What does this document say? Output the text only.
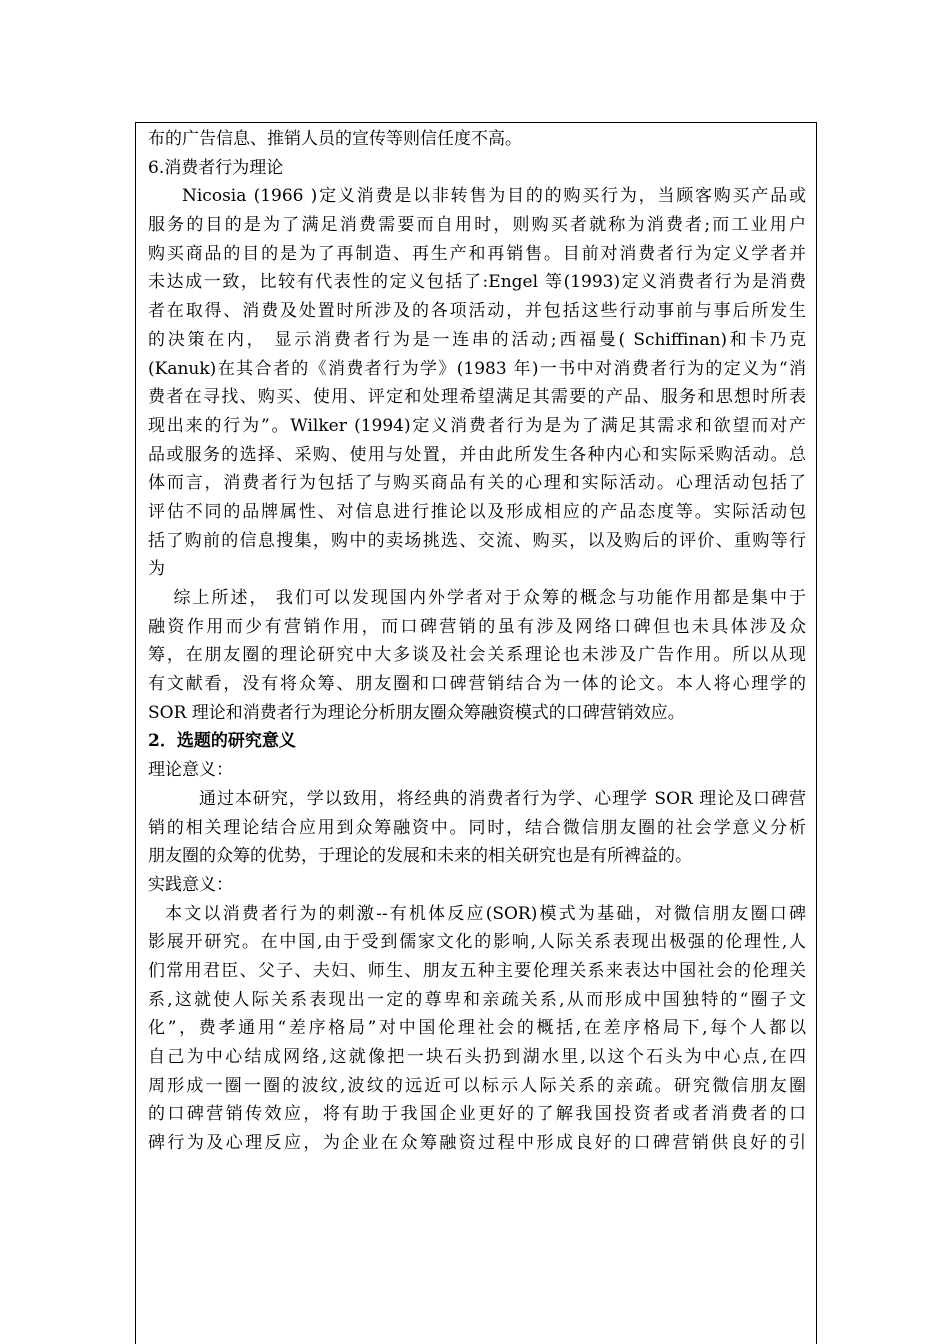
布的广告信息、推销人员的宣传等则信任度不高。
6.消费者行为理论
Nicosia (1966 )定义消费是以非转售为目的的购买行为，当顾客购买产品或
服务的目的是为了满足消费需要而自用时，则购买者就称为消费者;而工业用户
购买商品的目的是为了再制造、再生产和再销售。目前对消费者行为定义学者并
未达成一致，比较有代表性的定义包括了:Engel 等(1993)定义消费者行为是消费
者在取得、消费及处置时所涉及的各项活动，并包括这些行动事前与事后所发生
的决策在内， 显示消费者行为是一连串的活动;西福曼( Schiffinan)和卡乃克
(Kanuk)在其合者的《消费者行为学》(1983 年)一书中对消费者行为的定义为“消
费者在寻找、购买、使用、评定和处理希望满足其需要的产品、服务和思想时所表
现出来的行为”。Wilker (1994)定义消费者行为是为了满足其需求和欲望而对产
品或服务的选择、采购、使用与处置，并由此所发生各种内心和实际采购活动。总
体而言，消费者行为包括了与购买商品有关的心理和实际活动。心理活动包括了
评估不同的品牌属性、对信息进行推论以及形成相应的产品态度等。实际活动包
括了购前的信息搜集，购中的卖场挑选、交流、购买，以及购后的评价、重购等行
为
综上所述， 我们可以发现国内外学者对于众筹的概念与功能作用都是集中于
融资作用而少有营销作用，而口碑营销的虽有涉及网络口碑但也未具体涉及众
筹，在朋友圈的理论研究中大多谈及社会关系理论也未涉及广告作用。所以从现
有文献看，没有将众筹、朋友圈和口碑营销结合为一体的论文。本人将心理学的
SOR 理论和消费者行为理论分析朋友圈众筹融资模式的口碑营销效应。
2．选题的研究意义
理论意义：
通过本研究，学以致用，将经典的消费者行为学、心理学 SOR 理论及口碑营
销的相关理论结合应用到众筹融资中。同时，结合微信朋友圈的社会学意义分析
朋友圈的众筹的优势，于理论的发展和未来的相关研究也是有所裨益的。
实践意义：
本文以消费者行为的刺激--有机体反应(SOR)模式为基础，对微信朋友圈口碑
影展开研究。在中国,由于受到儒家文化的影响,人际关系表现出极强的伦理性,人
们常用君臣、父子、夫妇、师生、朋友五种主要伦理关系来表达中国社会的伦理关
系,这就使人际关系表现出一定的尊卑和亲疏关系,从而形成中国独特的“圈子文
化”，费孝通用“差序格局”对中国伦理社会的概括,在差序格局下,每个人都以
自己为中心结成网络,这就像把一块石头扔到湖水里,以这个石头为中心点,在四
周形成一圈一圈的波纹,波纹的远近可以标示人际关系的亲疏。研究微信朋友圈
的口碑营销传效应，将有助于我国企业更好的了解我国投资者或者消费者的口
碑行为及心理反应，为企业在众筹融资过程中形成良好的口碑营销供良好的引
